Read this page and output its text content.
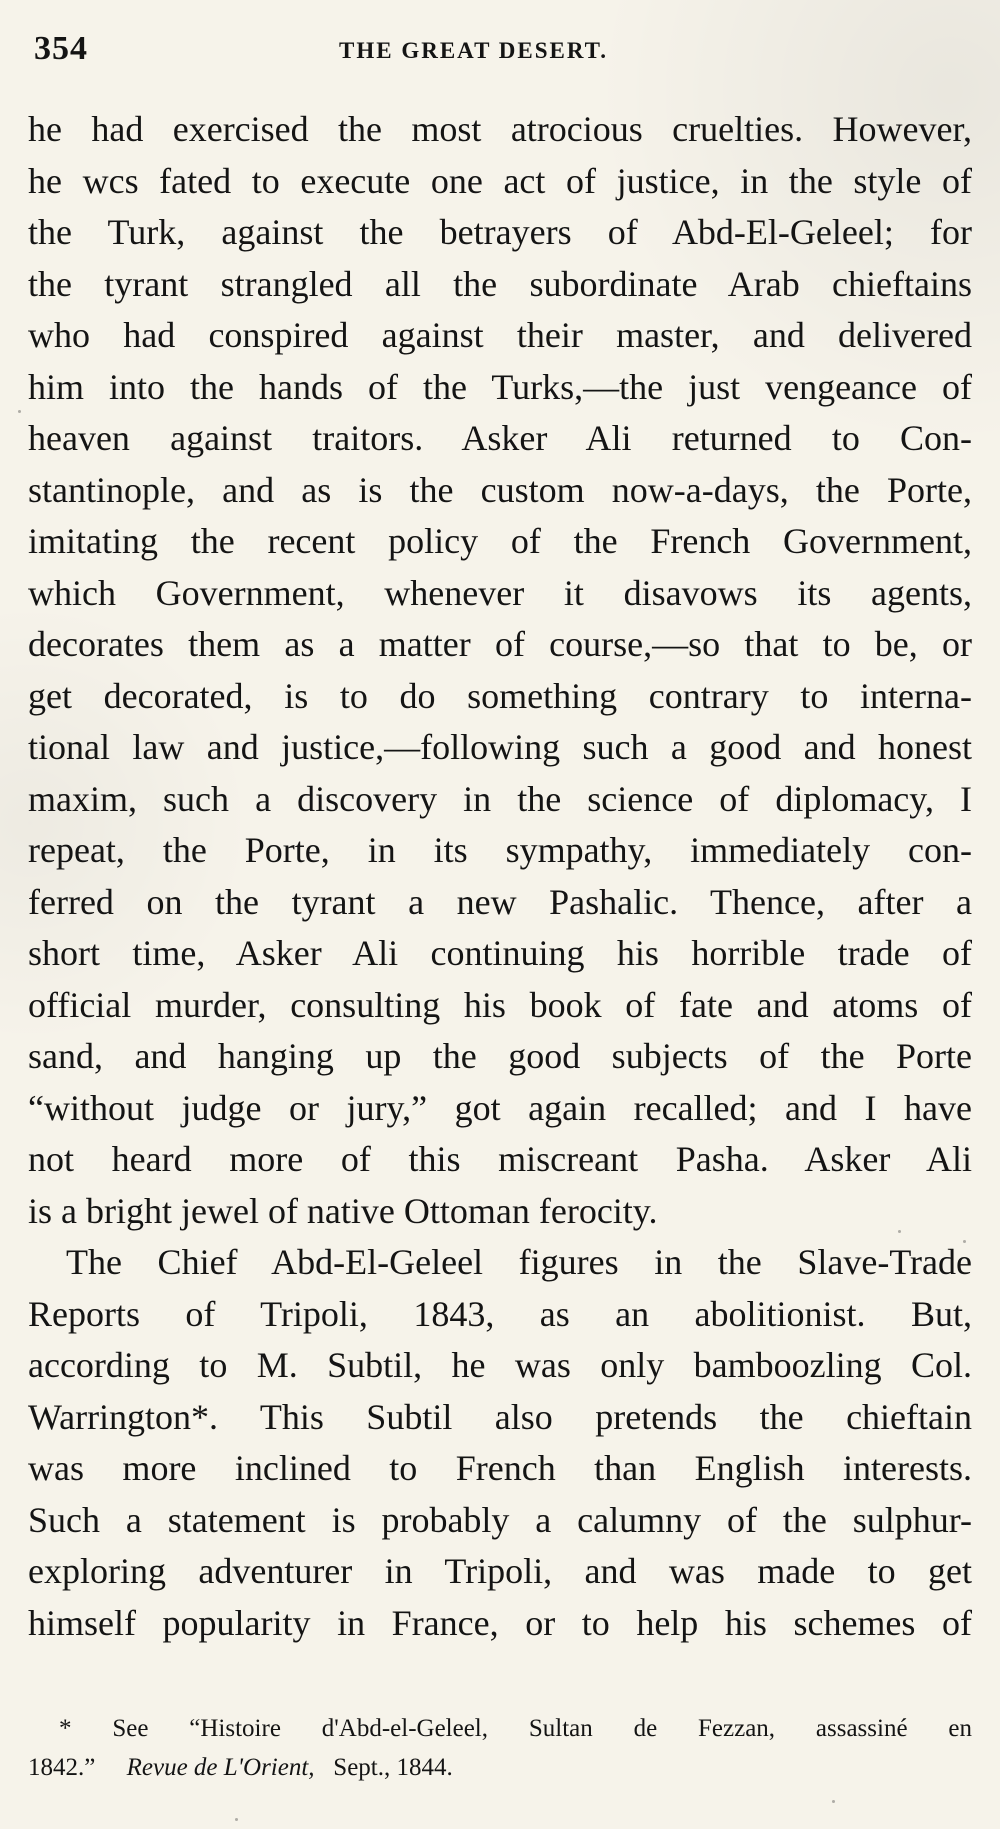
354	THE GREAT DESERT.
he had exercised the most atrocious cruelties. However,
he wcs fated to execute one act of justice, in the style of
the Turk, against the betrayers of Abd-El-Geleel; for
the tyrant strangled all the subordinate Arab chieftains
who had conspired against their master, and delivered
him into the hands of the Turks,—the just vengeance of
heaven against traitors. Asker Ali returned to Con-
stantinople, and as is the custom now-a-days, the Porte,
imitating the recent policy of the French Government,
which Government, whenever it disavows its agents,
decorates them as a matter of course,—so that to be, or
get decorated, is to do something contrary to interna-
tional law and justice,—following such a good and honest
maxim, such a discovery in the science of diplomacy, I
repeat, the Porte, in its sympathy, immediately con-
ferred on the tyrant a new Pashalic. Thence, after a
short time, Asker Ali continuing his horrible trade of
official murder, consulting his book of fate and atoms of
sand, and hanging up the good subjects of the Porte
“without judge or jury,” got again recalled; and I have
not heard more of this miscreant Pasha. Asker Ali
is a bright jewel of native Ottoman ferocity.
The Chief Abd-El-Geleel figures in the Slave-Trade
Reports of Tripoli, 1843, as an abolitionist. But,
according to M. Subtil, he was only bamboozling Col.
Warrington*. This Subtil also pretends the chieftain
was more inclined to French than English interests.
Such a statement is probably a calumny of the sulphur-
exploring adventurer in Tripoli, and was made to get
himself popularity in France, or to help his schemes of
* See “Histoire d'Abd-el-Geleel, Sultan de Fezzan, assassiné en
1842.” Revue de L'Orient, Sept., 1844.
